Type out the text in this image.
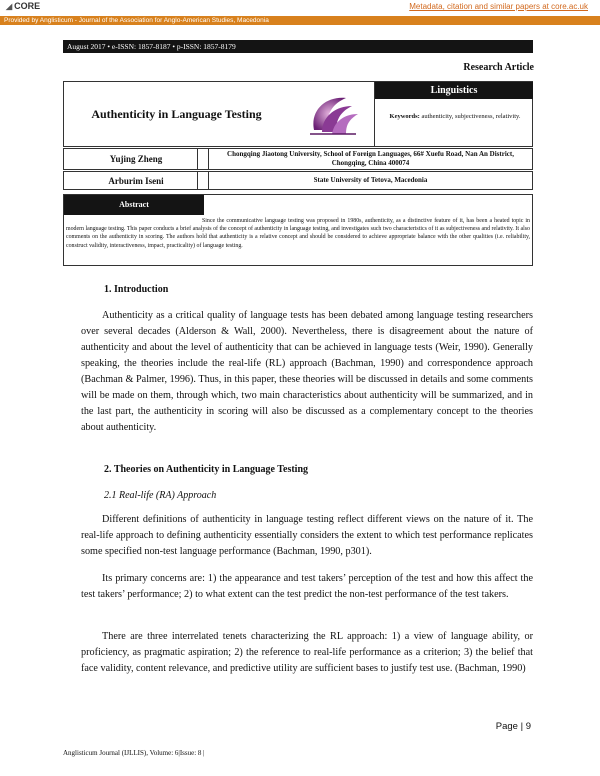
◢ CORE	Metadata, citation and similar papers at core.ac.uk
Provided by Anglisticum - Journal of the Association for Anglo-American Studies, Macedonia
August 2017 • e-ISSN: 1857-8187 • p-ISSN: 1857-8179
Research Article
Authenticity in Language Testing
Linguistics
Keywords: authenticity, subjectiveness, relativity.
Yujing Zheng	Chongqing Jiaotong University, School of Foreign Languages, 66# Xuefu Road, Nan An District, Chongqing, China 400074
Arburim Iseni	State University of Tetova, Macedonia
Abstract
Since the communicative language testing was proposed in 1980s, authenticity, as a distinctive feature of it, has been a heated topic in modern language testing. This paper conducts a brief analysis of the concept of authenticity in language testing, and investigates such two characteristics of it as subjectiveness and relativity. It also comments on the authenticity in scoring. The authors hold that authenticity is a relative concept and should be considered to achieve appropriate balance with the other qualities (i.e. reliability, construct validity, interactiveness, impact, practicality) of language testing.
1. Introduction
Authenticity as a critical quality of language tests has been debated among language testing researchers over several decades (Alderson & Wall, 2000). Nevertheless, there is disagreement about the nature of authenticity and about the level of authenticity that can be achieved in language tests (Weir, 1990). Generally speaking, the theories include the real-life (RL) approach (Bachman, 1990) and correspondence approach (Bachman & Palmer, 1996). Thus, in this paper, these theories will be discussed in details and some comments will be made on them, through which, two main characteristics about authenticity will be summarized, and in the last part, the authenticity in scoring will also be discussed as a complementary concept to the theories about authenticity.
2. Theories on Authenticity in Language Testing
2.1 Real-life (RA) Approach
Different definitions of authenticity in language testing reflect different views on the nature of it. The real-life approach to defining authenticity essentially considers the extent to which test performance replicates some specified non-test language performance (Bachman, 1990, p301).
Its primary concerns are: 1) the appearance and test takers’ perception of the test and how this affect the test takers’ performance; 2) to what extent can the test predict the non-test performance of the test takers.
There are three interrelated tenets characterizing the RL approach: 1) a view of language ability, or proficiency, as pragmatic aspiration; 2) the reference to real-life performance as a criterion; 3) the belief that face validity, content relevance, and predictive utility are sufficient bases to justify test use. (Bachman, 1990)
Page | 9
Anglisticum Journal (IJLLIS), Volume: 6|Issue: 8 |
